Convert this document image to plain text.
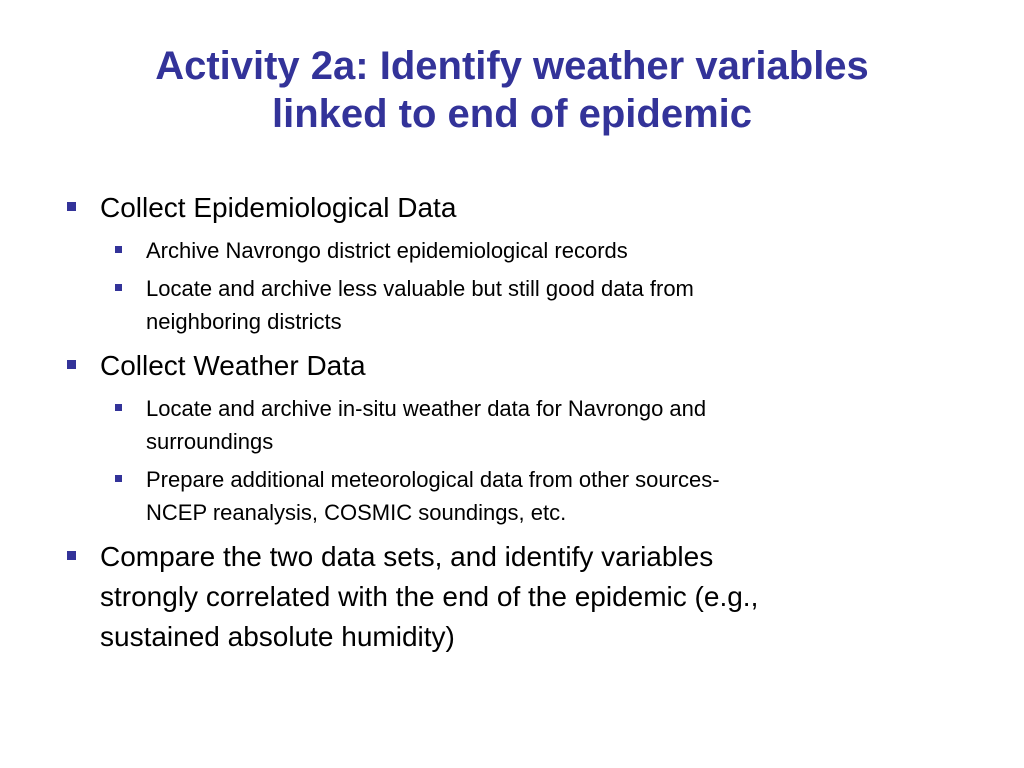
Activity 2a: Identify weather variables
linked to end of epidemic
Collect Epidemiological Data
Archive Navrongo district epidemiological records
Locate and archive less valuable but still good data from
neighboring districts
Collect Weather Data
Locate and archive in-situ weather data for Navrongo and
surroundings
Prepare additional meteorological data from other sources-
NCEP reanalysis, COSMIC soundings, etc.
Compare the two data sets, and identify variables
strongly correlated with the end of the epidemic (e.g.,
sustained absolute humidity)
